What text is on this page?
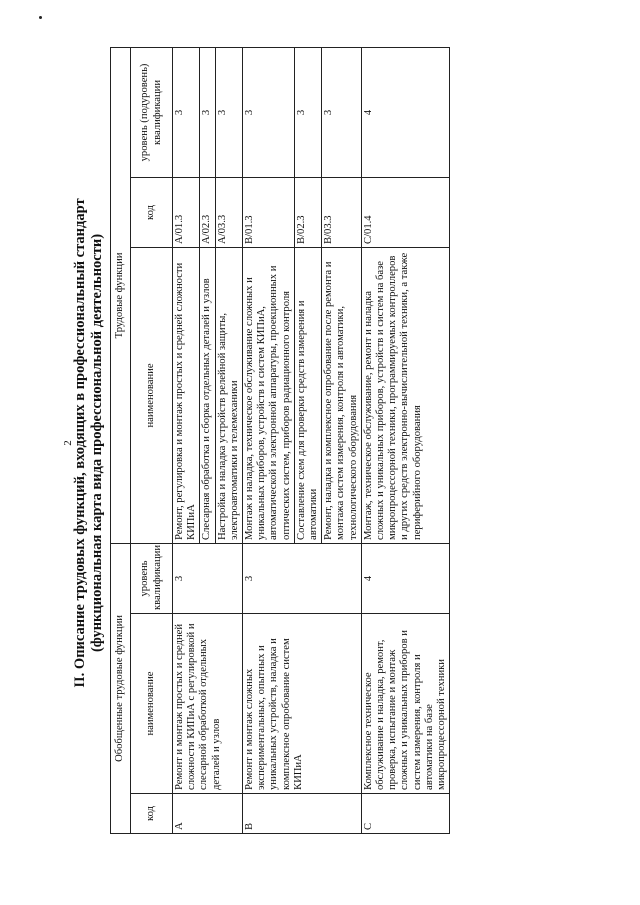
2
II. Описание трудовых функций, входящих в профессиональный стандарт (функциональная карта вида профессиональной деятельности)
Обобщенные трудовые функции			Трудовые функции		
код	наименование	уровень квалификации	наименование	код	уровень (подуровень) квалификации
A	Ремонт и монтаж простых и средней сложности КИПиА с регулировкой и слесарной обработкой отдельных деталей и узлов	3	Ремонт, регулировка и монтаж простых и средней сложности КИПиА	A/01.3	3
			Слесарная обработка и сборка отдельных деталей и узлов	A/02.3	3
			Настройка и наладка устройств релейной защиты, электроавтоматики и телемеханики	A/03.3	3
B	Ремонт и монтаж сложных экспериментальных, опытных и уникальных устройств, наладка и комплексное опробование систем КИПиА	3	Монтаж и наладка, техническое обслуживание сложных и уникальных приборов, устройств и систем КИПиА, автоматической и электронной аппаратуры, проекционных и оптических систем, приборов радиационного контроля	B/01.3	3
			Составление схем для проверки средств измерения и автоматики	B/02.3	3
			Ремонт, наладка и комплексное опробование после ремонта и монтажа систем измерения, контроля и автоматики, технологического оборудования	B/03.3	3
C	Комплексное техническое обслуживание и наладка, ремонт, проверка, испытание и монтаж сложных и уникальных приборов и систем измерения, контроля и автоматики на базе микропроцессорной техники	4	Монтаж, техническое обслуживание, ремонт и наладка сложных и уникальных приборов, устройств и систем на базе микропроцессорной техники, программируемых контроллеров и других средств электронно-вычислительной техники, а также периферийного оборудования	C/01.4	4
